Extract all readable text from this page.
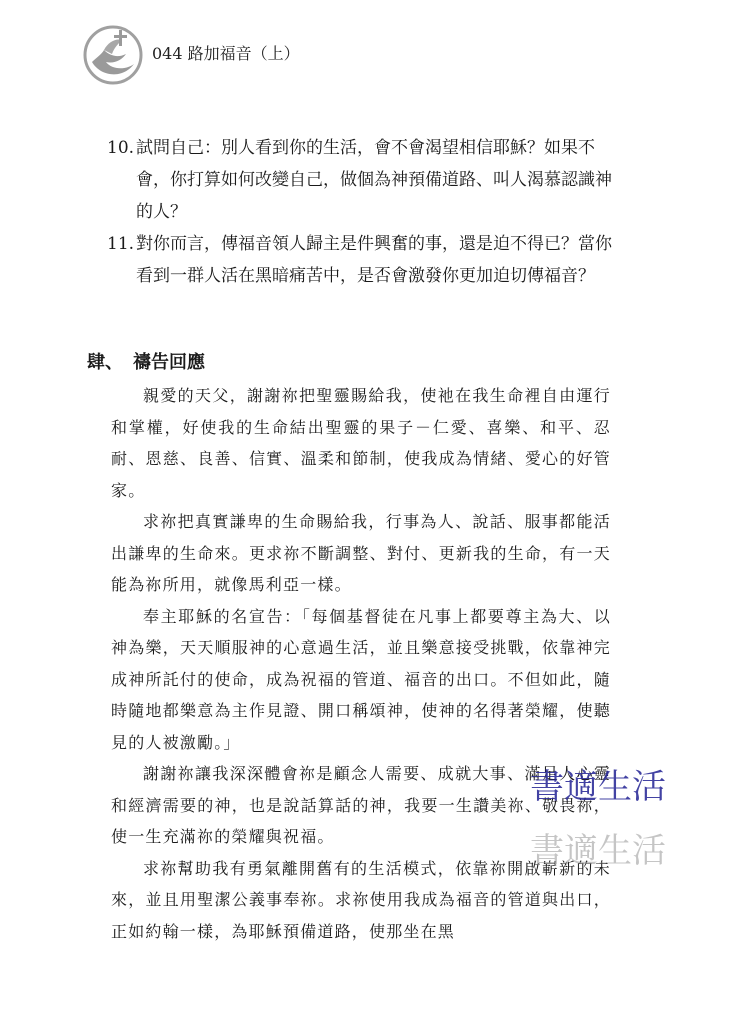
044 路加福音（上）
10. 試問自己：別人看到你的生活，會不會渴望相信耶穌？如果不會，你打算如何改變自己，做個為神預備道路、叫人渴慕認識神的人？
11. 對你而言，傳福音領人歸主是件興奮的事，還是迫不得已？當你看到一群人活在黑暗痛苦中，是否會激發你更加迫切傳福音？
肆、 禱告回應

親愛的天父，謝謝祢把聖靈賜給我，使祂在我生命裡自由運行和掌權，好使我的生命結出聖靈的果子－仁愛、喜樂、和平、忍耐、恩慈、良善、信實、溫柔和節制，使我成為情緒、愛心的好管家。

求祢把真實謙卑的生命賜給我，行事為人、說話、服事都能活出謙卑的生命來。更求祢不斷調整、對付、更新我的生命，有一天能為祢所用，就像馬利亞一樣。

奉主耶穌的名宣告：「每個基督徒在凡事上都要尊主為大、以神為樂，天天順服神的心意過生活，並且樂意接受挑戰，依靠神完成神所託付的使命，成為祝福的管道、福音的出口。不但如此，隨時隨地都樂意為主作見證、開口稱頌神，使神的名得著榮耀，使聽見的人被激勵。」

謝謝祢讓我深深體會祢是顧念人需要、成就大事、滿足人心靈和經濟需要的神，也是說話算話的神，我要一生讚美祢、敬畏祢，使一生充滿祢的榮耀與祝福。

求祢幫助我有勇氣離開舊有的生活模式，依靠祢開啟嶄新的未來，並且用聖潔公義事奉祢。求祢使用我成為福音的管道與出口，正如約翰一樣，為耶穌預備道路，使那坐在黑

書適生活
書適生活
